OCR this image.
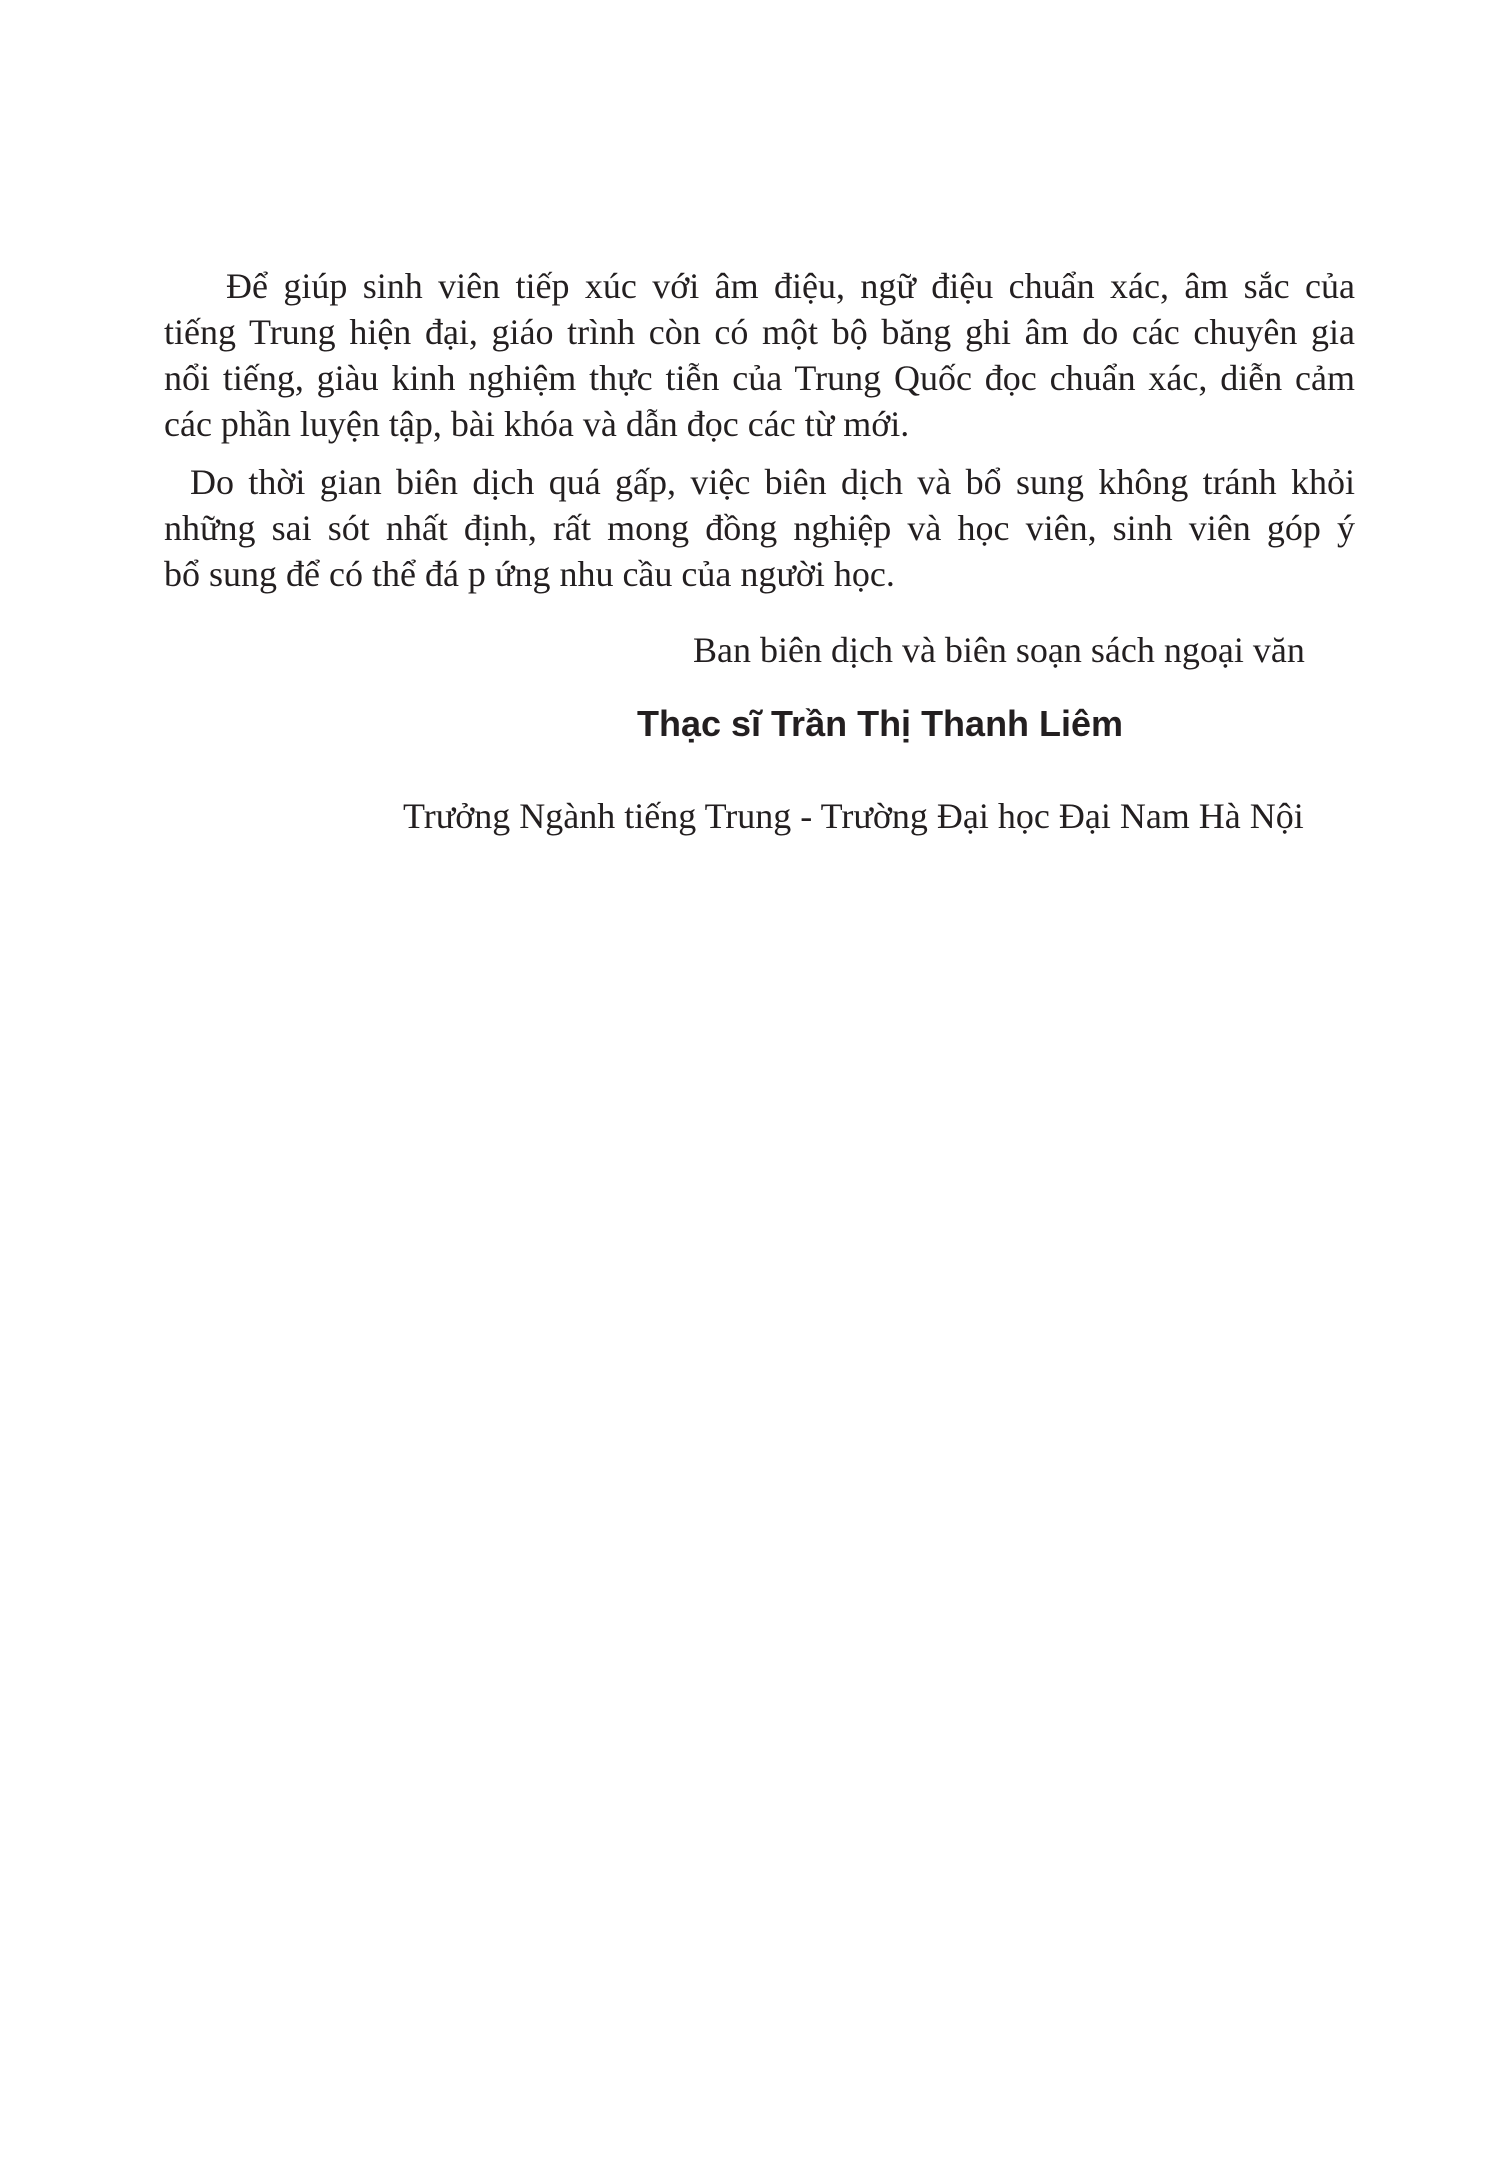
Để giúp sinh viên tiếp xúc với âm điệu, ngữ điệu chuẩn xác, âm sắc của
tiếng Trung hiện đại, giáo trình còn có một bộ băng ghi âm do các chuyên gia
nổi tiếng, giàu kinh nghiệm thực tiễn của Trung Quốc đọc chuẩn xác, diễn cảm
các phần luyện tập, bài khóa và dẫn đọc các từ mới.
Do thời gian biên dịch quá gấp, việc biên dịch và bổ sung không tránh khỏi
những sai sót nhất định, rất mong đồng nghiệp và học viên, sinh viên góp ý
bổ sung để có thể đá p ứng nhu cầu của người học.
Ban biên dịch và biên soạn sách ngoại văn
Thạc sĩ Trần Thị Thanh Liêm
Trưởng Ngành tiếng Trung - Trường Đại học Đại Nam Hà Nội
